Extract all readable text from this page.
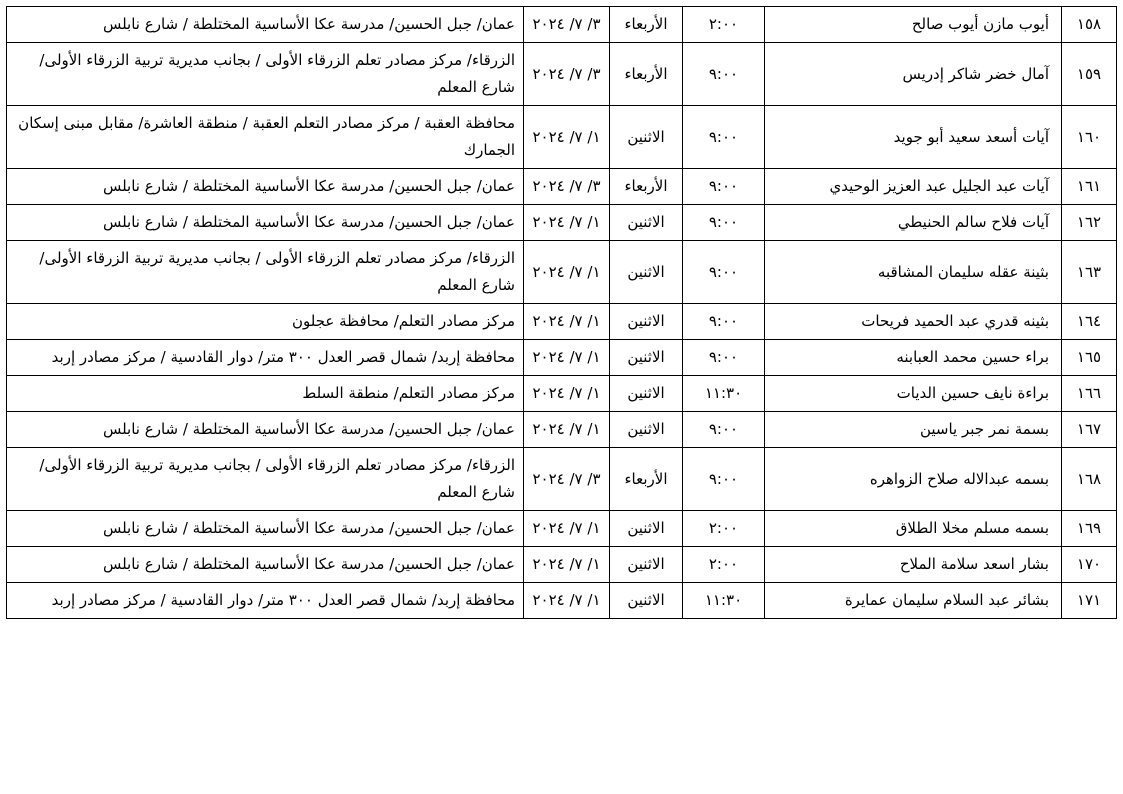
١٥٨	أيوب مازن أيوب صالح	٢:٠٠	الأربعاء	٣/ ٧/ ٢٠٢٤	عمان/ جبل الحسين/ مدرسة عكا الأساسية المختلطة / شارع نابلس
١٥٩	آمال خضر شاكر إدريس	٩:٠٠	الأربعاء	٣/ ٧/ ٢٠٢٤	الزرقاء/ مركز مصادر تعلم الزرقاء الأولى / بجانب مديرية تربية الزرقاء الأولى/ شارع المعلم
١٦٠	آيات أسعد سعيد أبو جويد	٩:٠٠	الاثنين	١/ ٧/ ٢٠٢٤	محافظة العقبة / مركز مصادر التعلم العقبة / منطقة العاشرة/ مقابل مبنى إسكان الجمارك
١٦١	آيات عبد الجليل عبد العزيز الوحيدي	٩:٠٠	الأربعاء	٣/ ٧/ ٢٠٢٤	عمان/ جبل الحسين/ مدرسة عكا الأساسية المختلطة / شارع نابلس
١٦٢	آيات فلاح سالم الحنيطي	٩:٠٠	الاثنين	١/ ٧/ ٢٠٢٤	عمان/ جبل الحسين/ مدرسة عكا الأساسية المختلطة / شارع نابلس
١٦٣	بثينة عقله سليمان المشاقبه	٩:٠٠	الاثنين	١/ ٧/ ٢٠٢٤	الزرقاء/ مركز مصادر تعلم الزرقاء الأولى / بجانب مديرية تربية الزرقاء الأولى/ شارع المعلم
١٦٤	بثينه قدري عبد الحميد فريحات	٩:٠٠	الاثنين	١/ ٧/ ٢٠٢٤	مركز مصادر التعلم/ محافظة عجلون
١٦٥	براء حسين محمد العبابنه	٩:٠٠	الاثنين	١/ ٧/ ٢٠٢٤	محافظة إربد/ شمال قصر العدل ٣٠٠ متر/ دوار القادسية / مركز مصادر إربد
١٦٦	براءة نايف حسين الديات	١١:٣٠	الاثنين	١/ ٧/ ٢٠٢٤	مركز مصادر التعلم/ منطقة السلط
١٦٧	بسمة نمر جبر ياسين	٩:٠٠	الاثنين	١/ ٧/ ٢٠٢٤	عمان/ جبل الحسين/ مدرسة عكا الأساسية المختلطة / شارع نابلس
١٦٨	بسمه عبدالاله صلاح الزواهره	٩:٠٠	الأربعاء	٣/ ٧/ ٢٠٢٤	الزرقاء/ مركز مصادر تعلم الزرقاء الأولى / بجانب مديرية تربية الزرقاء الأولى/ شارع المعلم
١٦٩	بسمه مسلم مخلا الطلاق	٢:٠٠	الاثنين	١/ ٧/ ٢٠٢٤	عمان/ جبل الحسين/ مدرسة عكا الأساسية المختلطة / شارع نابلس
١٧٠	بشار اسعد سلامة الملاح	٢:٠٠	الاثنين	١/ ٧/ ٢٠٢٤	عمان/ جبل الحسين/ مدرسة عكا الأساسية المختلطة / شارع نابلس
١٧١	بشائر عبد السلام سليمان عمايرة	١١:٣٠	الاثنين	١/ ٧/ ٢٠٢٤	محافظة إربد/ شمال قصر العدل ٣٠٠ متر/ دوار القادسية / مركز مصادر إربد
